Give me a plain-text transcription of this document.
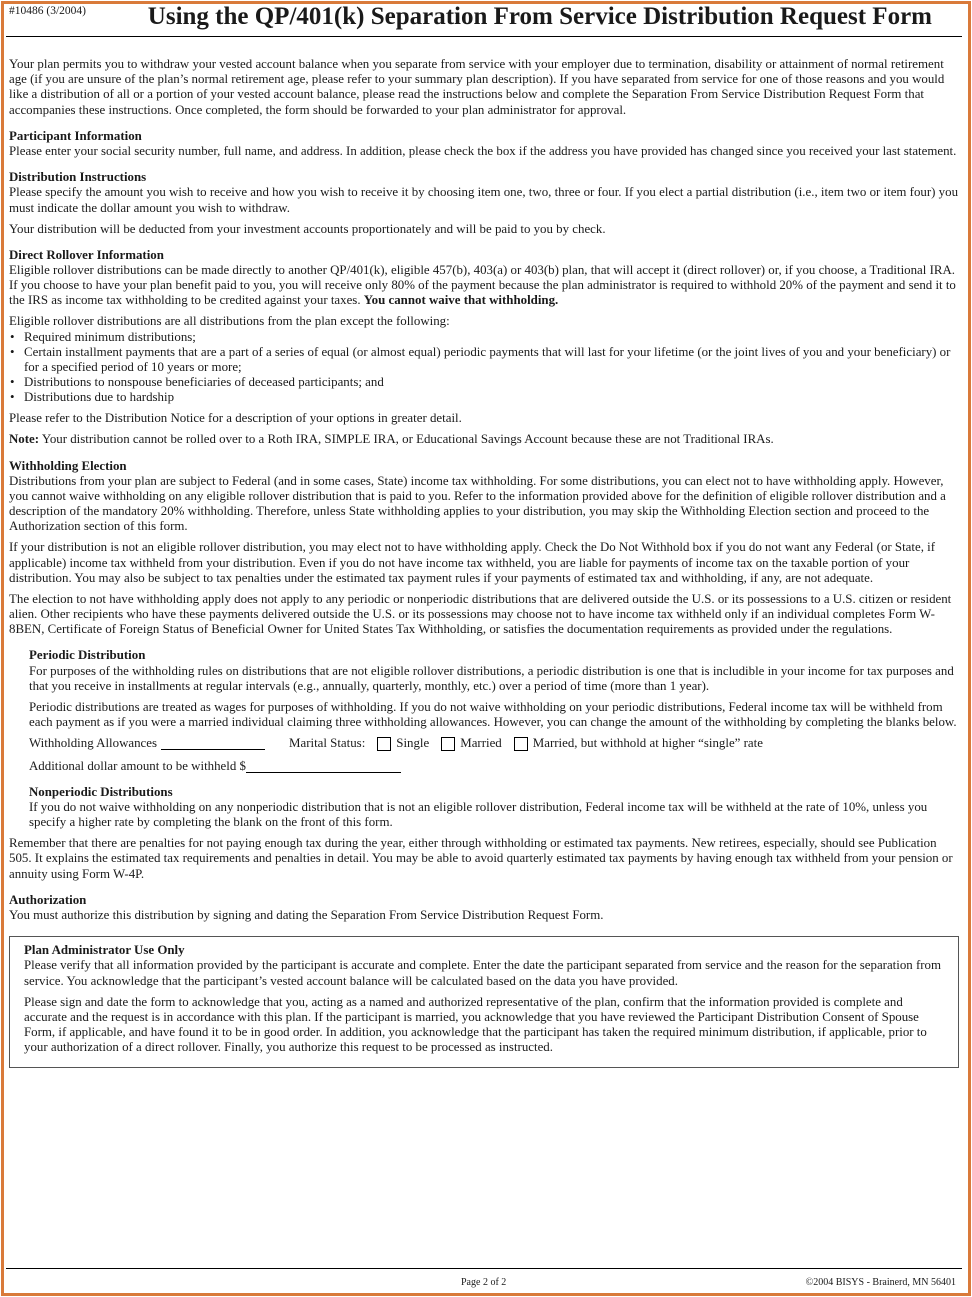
#10486 (3/2004) Using the QP/401(k) Separation From Service Distribution Request Form

Your plan permits you to withdraw your vested account balance when you separate from service with your employer due to termination, disability or attainment of normal retirement age (if you are unsure of the plan’s normal retirement age, please refer to your summary plan description). If you have separated from service for one of those reasons and you would like a distribution of all or a portion of your vested account balance, please read the instructions below and complete the Separation From Service Distribution Request Form that accompanies these instructions. Once completed, the form should be forwarded to your plan administrator for approval.

Participant Information

Please enter your social security number, full name, and address. In addition, please check the box if the address you have provided has changed since you received your last statement.

Distribution Instructions

Please specify the amount you wish to receive and how you wish to receive it by choosing item one, two, three or four. If you elect a partial distribution (i.e., item two or item four) you must indicate the dollar amount you wish to withdraw.

Your distribution will be deducted from your investment accounts proportionately and will be paid to you by check.

Direct Rollover Information

Eligible rollover distributions can be made directly to another QP/401(k), eligible 457(b), 403(a) or 403(b) plan, that will accept it (direct rollover) or, if you choose, a Traditional IRA. If you choose to have your plan benefit paid to you, you will receive only 80% of the payment because the plan administrator is required to withhold 20% of the payment and send it to the IRS as income tax withholding to be credited against your taxes. You cannot waive that withholding.

Eligible rollover distributions are all distributions from the plan except the following:
• Required minimum distributions;
• Certain installment payments that are a part of a series of equal (or almost equal) periodic payments that will last for your lifetime (or the joint lives of you and your beneficiary) or for a specified period of 10 years or more;
• Distributions to nonspouse beneficiaries of deceased participants; and
• Distributions due to hardship

Please refer to the Distribution Notice for a description of your options in greater detail.

Note: Your distribution cannot be rolled over to a Roth IRA, SIMPLE IRA, or Educational Savings Account because these are not Traditional IRAs.

Withholding Election

Distributions from your plan are subject to Federal (and in some cases, State) income tax withholding. For some distributions, you can elect not to have withholding apply. However, you cannot waive withholding on any eligible rollover distribution that is paid to you. Refer to the information provided above for the definition of eligible rollover distribution and a description of the mandatory 20% withholding. Therefore, unless State withholding applies to your distribution, you may skip the Withholding Election section and proceed to the Authorization section of this form.

If your distribution is not an eligible rollover distribution, you may elect not to have withholding apply. Check the Do Not Withhold box if you do not want any Federal (or State, if applicable) income tax withheld from your distribution. Even if you do not have income tax withheld, you are liable for payments of income tax on the taxable portion of your distribution. You may also be subject to tax penalties under the estimated tax payment rules if your payments of estimated tax and withholding, if any, are not adequate.

The election to not have withholding apply does not apply to any periodic or nonperiodic distributions that are delivered outside the U.S. or its possessions to a U.S. citizen or resident alien. Other recipients who have these payments delivered outside the U.S. or its possessions may choose not to have income tax withheld only if an individual completes Form W-8BEN, Certificate of Foreign Status of Beneficial Owner for United States Tax Withholding, or satisfies the documentation requirements as provided under the regulations.

Periodic Distribution

For purposes of the withholding rules on distributions that are not eligible rollover distributions, a periodic distribution is one that is includible in your income for tax purposes and that you receive in installments at regular intervals (e.g., annually, quarterly, monthly, etc.) over a period of time (more than 1 year).

Periodic distributions are treated as wages for purposes of withholding. If you do not waive withholding on your periodic distributions, Federal income tax will be withheld from each payment as if you were a married individual claiming three withholding allowances. However, you can change the amount of the withholding by completing the blanks below.

Withholding Allowances	Marital Status: Single Married Married, but withhold at higher “single” rate
Additional dollar amount to be withheld $
Nonperiodic Distributions

If you do not waive withholding on any nonperiodic distribution that is not an eligible rollover distribution, Federal income tax will be withheld at the rate of 10%, unless you specify a higher rate by completing the blank on the front of this form.

Remember that there are penalties for not paying enough tax during the year, either through withholding or estimated tax payments. New retirees, especially, should see Publication 505. It explains the estimated tax requirements and penalties in detail. You may be able to avoid quarterly estimated tax payments by having enough tax withheld from your pension or annuity using Form W-4P.

Authorization

You must authorize this distribution by signing and dating the Separation From Service Distribution Request Form.

Plan Administrator Use Only

Please verify that all information provided by the participant is accurate and complete. Enter the date the participant separated from service and the reason for the separation from service. You acknowledge that the participant’s vested account balance will be calculated based on the data you have provided.

Please sign and date the form to acknowledge that you, acting as a named and authorized representative of the plan, confirm that the information provided is complete and accurate and the request is in accordance with this plan. If the participant is married, you acknowledge that you have reviewed the Participant Distribution Consent of Spouse Form, if applicable, and have found it to be in good order. In addition, you acknowledge that the participant has taken the required minimum distribution, if applicable, prior to your authorization of a direct rollover. Finally, you authorize this request to be processed as instructed.

Page 2 of 2	©2004 BISYS - Brainerd, MN 56401
